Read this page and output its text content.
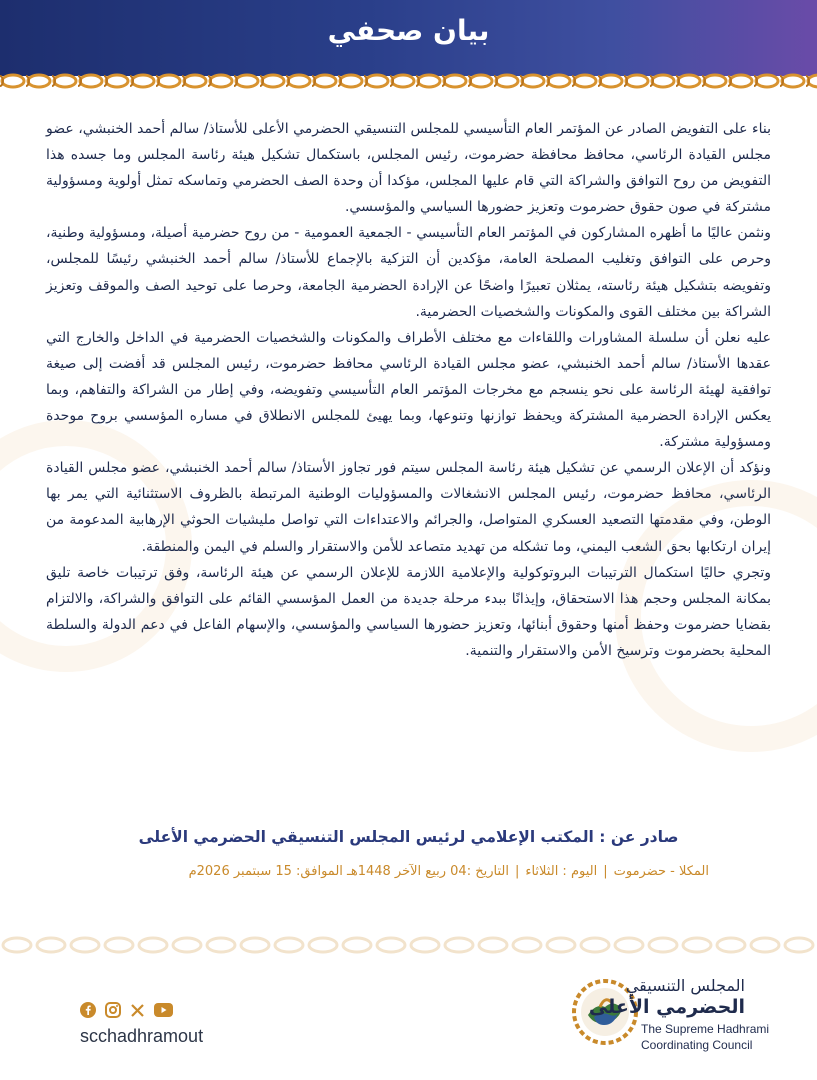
بيان صحفي

بناء على التفويض الصادر عن المؤتمر العام التأسيسي للمجلس التنسيقي الحضرمي الأعلى للأستاذ/ سالم أحمد الخنبشي، عضو مجلس القيادة الرئاسي، محافظ محافظة حضرموت، رئيس المجلس، باستكمال تشكيل هيئة رئاسة المجلس وما جسده هذا التفويض من روح التوافق والشراكة التي قام عليها المجلس، مؤكدا أن وحدة الصف الحضرمي وتماسكه تمثل أولوية ومسؤولية مشتركة في صون حقوق حضرموت وتعزيز حضورها السياسي والمؤسسي.

ونثمن عاليًا ما أظهره المشاركون في المؤتمر العام التأسيسي - الجمعية العمومية - من روح حضرمية أصيلة، ومسؤولية وطنية، وحرص على التوافق وتغليب المصلحة العامة، مؤكدين أن التزكية بالإجماع للأستاذ/ سالم أحمد الخنبشي رئيسًا للمجلس، وتفويضه بتشكيل هيئة رئاسته، يمثلان تعبيرًا واضحًا عن الإرادة الحضرمية الجامعة، وحرصا على توحيد الصف والموقف وتعزيز الشراكة بين مختلف القوى والمكونات والشخصيات الحضرمية.

عليه نعلن أن سلسلة المشاورات واللقاءات مع مختلف الأطراف والمكونات والشخصيات الحضرمية في الداخل والخارج التي عقدها الأستاذ/ سالم أحمد الخنبشي، عضو مجلس القيادة الرئاسي محافظ حضرموت، رئيس المجلس قد أفضت إلى صيغة توافقية لهيئة الرئاسة على نحو ينسجم مع مخرجات المؤتمر العام التأسيسي وتفويضه، وفي إطار من الشراكة والتفاهم، وبما يعكس الإرادة الحضرمية المشتركة ويحفظ توازنها وتنوعها، وبما يهيئ للمجلس الانطلاق في مساره المؤسسي بروح موحدة ومسؤولية مشتركة.

ونؤكد أن الإعلان الرسمي عن تشكيل هيئة رئاسة المجلس سيتم فور تجاوز الأستاذ/ سالم أحمد الخنبشي، عضو مجلس القيادة الرئاسي، محافظ حضرموت، رئيس المجلس الانشغالات والمسؤوليات الوطنية المرتبطة بالظروف الاستثنائية التي يمر بها الوطن، وفي مقدمتها التصعيد العسكري المتواصل، والجرائم والاعتداءات التي تواصل مليشيات الحوثي الإرهابية المدعومة من إيران ارتكابها بحق الشعب اليمني، وما تشكله من تهديد متصاعد للأمن والاستقرار والسلم في اليمن والمنطقة.

وتجري حاليًا استكمال الترتيبات البروتوكولية والإعلامية اللازمة للإعلان الرسمي عن هيئة الرئاسة، وفق ترتيبات خاصة تليق بمكانة المجلس وحجم هذا الاستحقاق، وإيذانًا ببدء مرحلة جديدة من العمل المؤسسي القائم على التوافق والشراكة، والالتزام بقضايا حضرموت وحفظ أمنها وحقوق أبنائها، وتعزيز حضورها السياسي والمؤسسي، والإسهام الفاعل في دعم الدولة والسلطة المحلية بحضرموت وترسيخ الأمن والاستقرار والتنمية.

صادر عن : المكتب الإعلامي لرئيس المجلس التنسيقي الحضرمي الأعلى
المكلا - حضرموت|اليوم : الثلاثاء|التاريخ :04 ربيع الآخر 1448هـ الموافق: 15 سبتمبر 2026م
scchadhramout
المجلس التنسيقي
الحضرمي الأعلى
The Supreme Hadhrami
Coordinating Council
